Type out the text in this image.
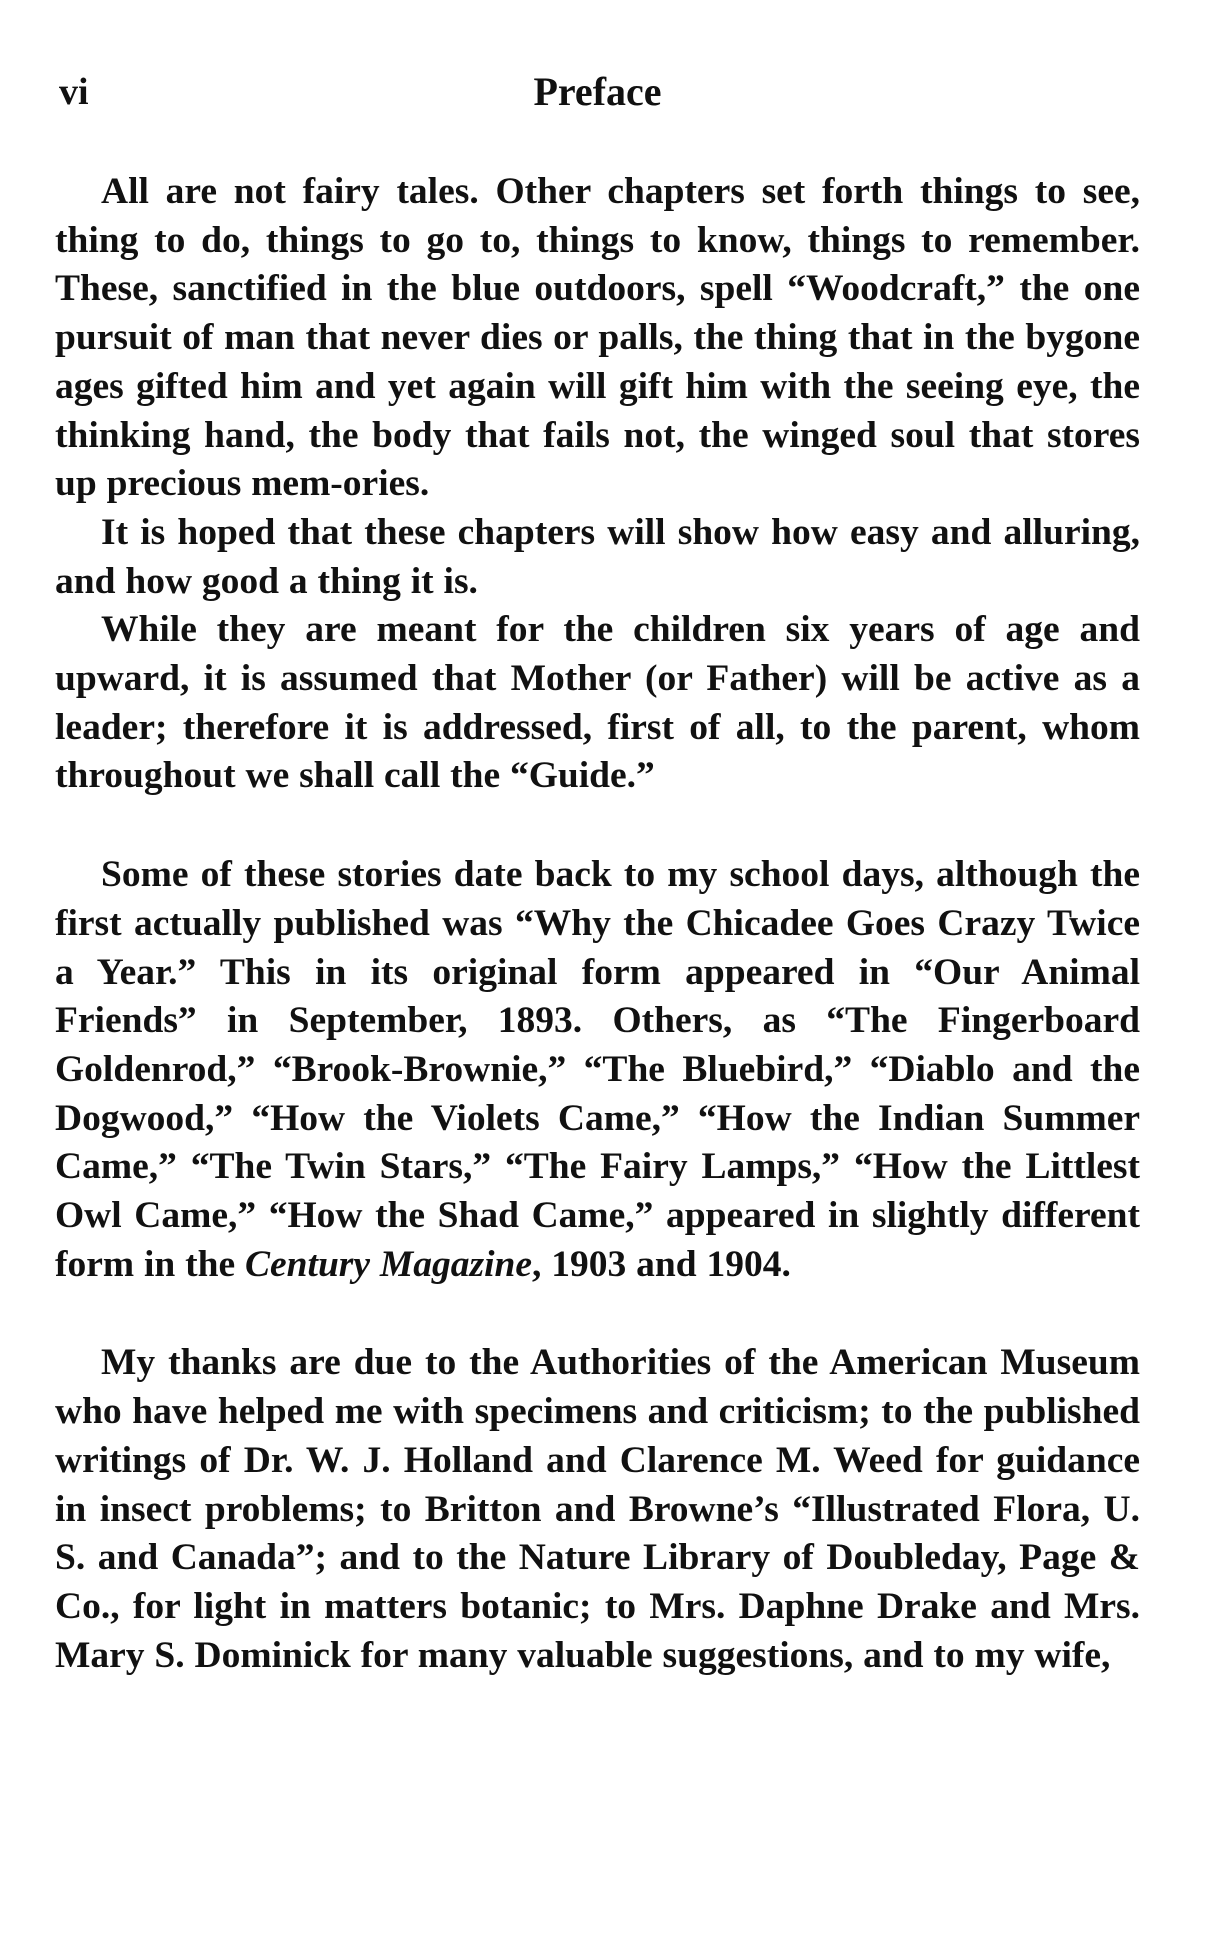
vi	Preface

All are not fairy tales. Other chapters set forth things to see, thing to do, things to go to, things to know, things to remember. These, sanctified in the blue outdoors, spell “Woodcraft,” the one pursuit of man that never dies or palls, the thing that in the bygone ages gifted him and yet again will gift him with the seeing eye, the thinking hand, the body that fails not, the winged soul that stores up precious mem-ories.

It is hoped that these chapters will show how easy and alluring, and how good a thing it is.

While they are meant for the children six years of age and upward, it is assumed that Mother (or Father) will be active as a leader; therefore it is addressed, first of all, to the parent, whom throughout we shall call the “Guide.”

Some of these stories date back to my school days, although the first actually published was “Why the Chicadee Goes Crazy Twice a Year.” This in its original form appeared in “Our Animal Friends” in September, 1893. Others, as “The Fingerboard Goldenrod,” “Brook-Brownie,” “The Bluebird,” “Diablo and the Dogwood,” “How the Violets Came,” “How the Indian Summer Came,” “The Twin Stars,” “The Fairy Lamps,” “How the Littlest Owl Came,” “How the Shad Came,” appeared in slightly different form in the Century Magazine, 1903 and 1904.

My thanks are due to the Authorities of the American Museum who have helped me with specimens and criticism; to the published writings of Dr. W. J. Holland and Clarence M. Weed for guidance in insect problems; to Britton and Browne’s “Illustrated Flora, U. S. and Canada”; and to the Nature Library of Doubleday, Page & Co., for light in matters botanic; to Mrs. Daphne Drake and Mrs. Mary S. Dominick for many valuable suggestions, and to my wife,
